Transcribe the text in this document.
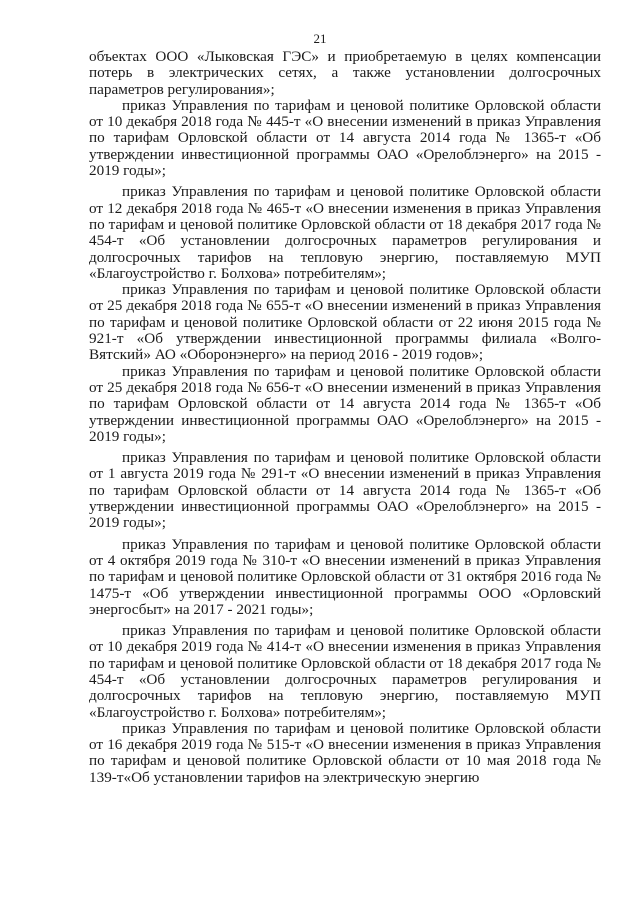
21

объектах ООО «Лыковская ГЭС» и приобретаемую в целях компенсации потерь в электрических сетях, а также установлении долгосрочных параметров регулирования»;

приказ Управления по тарифам и ценовой политике Орловской области от 10 декабря 2018 года № 445-т «О внесении изменений в приказ Управления по тарифам Орловской области от 14 августа 2014 года № 1365-т «Об утверждении инвестиционной программы ОАО «Орелоблэнерго» на 2015 - 2019 годы»;

приказ Управления по тарифам и ценовой политике Орловской области от 12 декабря 2018 года № 465-т «О внесении изменения в приказ Управления по тарифам и ценовой политике Орловской области от 18 декабря 2017 года № 454-т «Об установлении долгосрочных параметров регулирования и долгосрочных тарифов на тепловую энергию, поставляемую МУП «Благоустройство г. Болхова» потребителям»;

приказ Управления по тарифам и ценовой политике Орловской области от 25 декабря 2018 года № 655-т «О внесении изменений в приказ Управления по тарифам и ценовой политике Орловской области от 22 июня 2015 года № 921-т «Об утверждении инвестиционной программы филиала «Волго-Вятский» АО «Оборонэнерго» на период 2016 - 2019 годов»;

приказ Управления по тарифам и ценовой политике Орловской области от 25 декабря 2018 года № 656-т «О внесении изменений в приказ Управления по тарифам Орловской области от 14 августа 2014 года № 1365-т «Об утверждении инвестиционной программы ОАО «Орелоблэнерго» на 2015 - 2019 годы»;

приказ Управления по тарифам и ценовой политике Орловской области от 1 августа 2019 года № 291-т «О внесении изменений в приказ Управления по тарифам Орловской области от 14 августа 2014 года № 1365-т «Об утверждении инвестиционной программы ОАО «Орелоблэнерго» на 2015 - 2019 годы»;

приказ Управления по тарифам и ценовой политике Орловской области от 4 октября 2019 года № 310-т «О внесении изменений в приказ Управления по тарифам и ценовой политике Орловской области от 31 октября 2016 года № 1475-т «Об утверждении инвестиционной программы ООО «Орловский энергосбыт» на 2017 - 2021 годы»;

приказ Управления по тарифам и ценовой политике Орловской области от 10 декабря 2019 года № 414-т «О внесении изменения в приказ Управления по тарифам и ценовой политике Орловской области от 18 декабря 2017 года № 454-т «Об установлении долгосрочных параметров регулирования и долгосрочных тарифов на тепловую энергию, поставляемую МУП «Благоустройство г. Болхова» потребителям»;

приказ Управления по тарифам и ценовой политике Орловской области от 16 декабря 2019 года № 515-т «О внесении изменения в приказ Управления по тарифам и ценовой политике Орловской области от 10 мая 2018 года № 139-т«Об установлении тарифов на электрическую энергию
